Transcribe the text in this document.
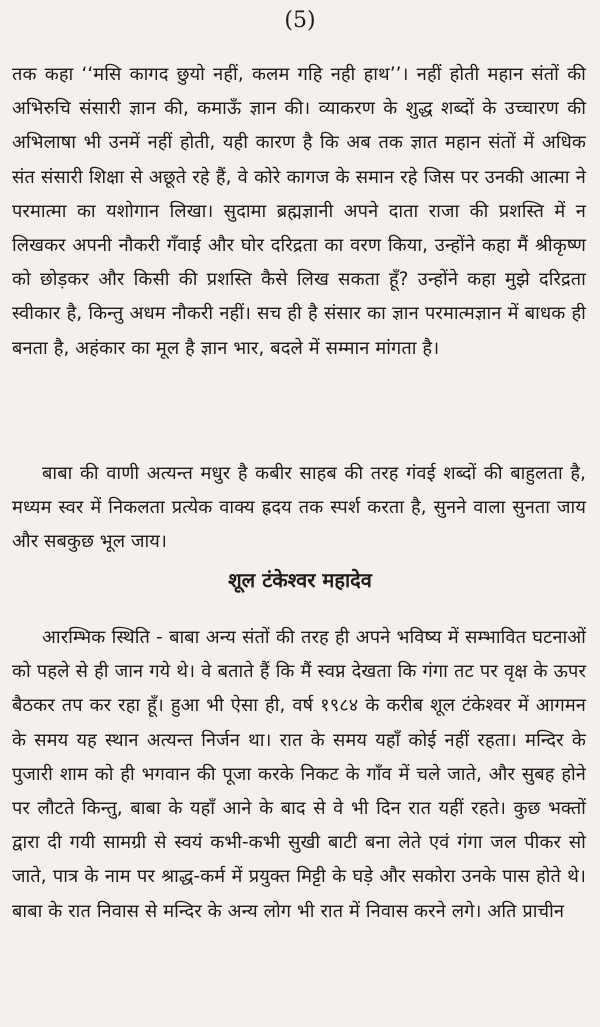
(5)

तक कहा ‘‘मसि कागद छुयो नहीं, कलम गहि नही हाथ’’। नहीं होती महान संतों की अभिरुचि संसारी ज्ञान की, कमाऊँ ज्ञान की। व्याकरण के शुद्ध शब्दों के उच्चारण की अभिलाषा भी उनमें नहीं होती, यही कारण है कि अब तक ज्ञात महान संतों में अधिक संत संसारी शिक्षा से अछूते रहे हैं, वे कोरे कागज के समान रहे जिस पर उनकी आत्मा ने परमात्मा का यशोगान लिखा। सुदामा ब्रह्मज्ञानी अपने दाता राजा की प्रशस्ति में न लिखकर अपनी नौकरी गँवाई और घोर दरिद्रता का वरण किया, उन्होंने कहा मैं श्रीकृष्ण को छोड़कर और किसी की प्रशस्ति कैसे लिख सकता हूँ? उन्होंने कहा मुझे दरिद्रता स्वीकार है, किन्तु अधम नौकरी नहीं। सच ही है संसार का ज्ञान परमात्मज्ञान में बाधक ही बनता है, अहंकार का मूल है ज्ञान भार, बदले में सम्मान मांगता है।

बाबा की वाणी अत्यन्त मधुर है कबीर साहब की तरह गंवई शब्दों की बाहुलता है, मध्यम स्वर में निकलता प्रत्येक वाक्य ह्रदय तक स्पर्श करता है, सुनने वाला सुनता जाय और सबकुछ भूल जाय।

शूल टंकेश्वर महादेव

आरम्भिक स्थिति - बाबा अन्य संतों की तरह ही अपने भविष्य में सम्भावित घटनाओं को पहले से ही जान गये थे। वे बताते हैं कि मैं स्वप्न देखता कि गंगा तट पर वृक्ष के ऊपर बैठकर तप कर रहा हूँ। हुआ भी ऐसा ही, वर्ष १९८४ के करीब शूल टंकेश्वर में आगमन के समय यह स्थान अत्यन्त निर्जन था। रात के समय यहाँ कोई नहीं रहता। मन्दिर के पुजारी शाम को ही भगवान की पूजा करके निकट के गाँव में चले जाते, और सुबह होने पर लौटते किन्तु, बाबा के यहाँ आने के बाद से वे भी दिन रात यहीं रहते। कुछ भक्तों द्वारा दी गयी सामग्री से स्वयं कभी-कभी सुखी बाटी बना लेते एवं गंगा जल पीकर सो जाते, पात्र के नाम पर श्राद्ध-कर्म में प्रयुक्त मिट्टी के घड़े और सकोरा उनके पास होते थे। बाबा के रात निवास से मन्दिर के अन्य लोग भी रात में निवास करने लगे। अति प्राचीन
